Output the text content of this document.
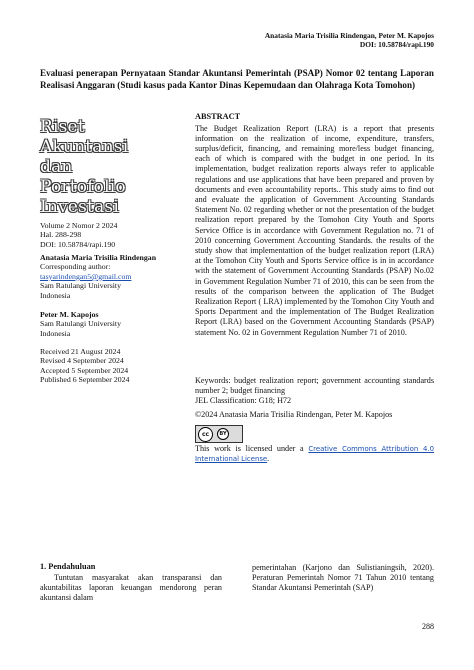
Anatasia Maria Trisilia Rindengan, Peter M. Kapojos
DOI: 10.58784/rapi.190
Evaluasi penerapan Pernyataan Standar Akuntansi Pemerintah (PSAP) Nomor 02 tentang Laporan Realisasi Anggaran (Studi kasus pada Kantor Dinas Kepemudaan dan Olahraga Kota Tomohon)
Riset
Akuntansi
dan
Portofolio
Investasi
Volume 2 Nomor 2 2024
Hal. 288-298
DOI: 10.58784/rapi.190
Anatasia Maria Trisilia Rindengan
Corresponding author:
tasyarindengan5@gmail.com
Sam Ratulangi University
Indonesia
Peter M. Kapojos
Sam Ratulangi University
Indonesia
Received 21 August 2024
Revised 4 September 2024
Accepted 5 September 2024
Published 6 September 2024
ABSTRACT
The Budget Realization Report (LRA) is a report that presents information on the realization of income, expenditure, transfers, surplus/deficit, financing, and remaining more/less budget financing, each of which is compared with the budget in one period. In its implementation, budget realization reports always refer to applicable regulations and use applications that have been prepared and proven by documents and even accountability reports.. This study aims to find out and evaluate the application of Government Accounting Standards Statement No. 02 regarding whether or not the presentation of the budget realization report prepared by the Tomohon City Youth and Sports Service Office is in accordance with Government Regulation no. 71 of 2010 concerning Government Accounting Standards. the results of the study show that implementattion of the budget realization report (LRA) at the Tomohon City Youth and Sports Service office is in in accordance with the statement of Government Accounting Standards (PSAP) No.02 in Government Regulation Number 71 of 2010, this can be seen from the results of the comparison between the application of The Budget Realization Report ( LRA) implemented by the Tomohon City Youth and Sports Department and the implementation of The Budget Realization Report (LRA) based on the Government Accounting Standards (PSAP) statement No. 02 in Government Regulation Number 71 of 2010.
Keywords: budget realization report; government accounting standards number 2; budget financing
JEL Classification: G18; H72
©2024 Anatasia Maria Trisilia Rindengan, Peter M. Kapojos
cc	BY
This work is licensed under a Creative Commons Attribution 4.0 International License.
1. Pendahuluan
Tuntutan masyarakat akan transparansi dan akuntabilitas laporan keuangan mendorong peran akuntansi dalam
pemerintahan (Karjono dan Sulistianingsih, 2020). Peraturan Pemerintah Nomor 71 Tahun 2010 tentang Standar Akuntansi Pemerintah (SAP)
288
